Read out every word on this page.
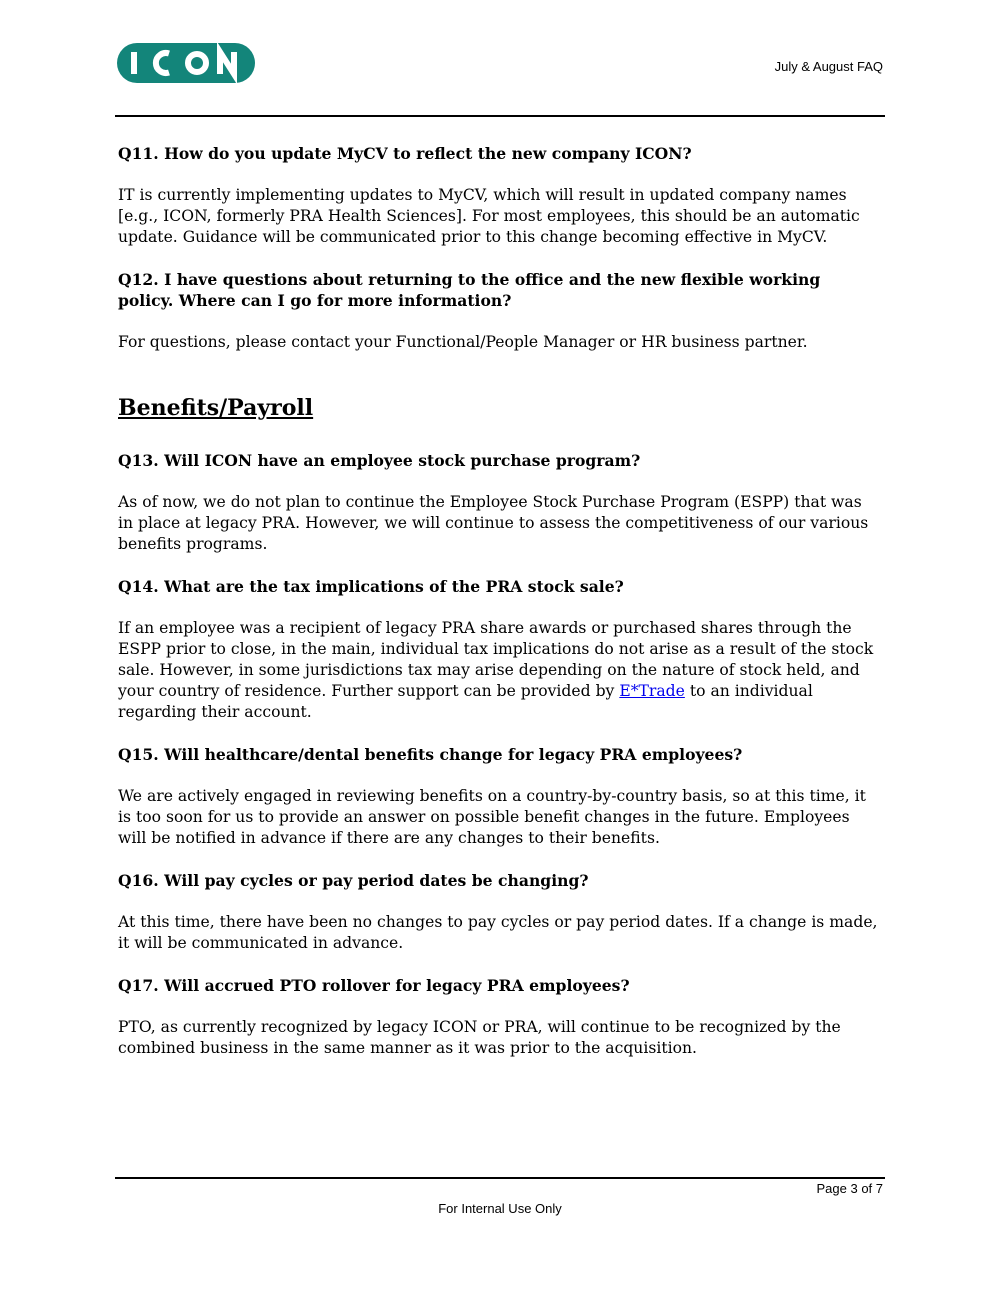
July & August FAQ

Q11. How do you update MyCV to reflect the new company ICON?

IT is currently implementing updates to MyCV, which will result in updated company names [e.g., ICON, formerly PRA Health Sciences]. For most employees, this should be an automatic update. Guidance will be communicated prior to this change becoming effective in MyCV.

Q12. I have questions about returning to the office and the new flexible working policy. Where can I go for more information?

For questions, please contact your Functional/People Manager or HR business partner.

Benefits/Payroll

Q13. Will ICON have an employee stock purchase program?

As of now, we do not plan to continue the Employee Stock Purchase Program (ESPP) that was in place at legacy PRA. However, we will continue to assess the competitiveness of our various benefits programs.

Q14. What are the tax implications of the PRA stock sale?

If an employee was a recipient of legacy PRA share awards or purchased shares through the ESPP prior to close, in the main, individual tax implications do not arise as a result of the stock sale. However, in some jurisdictions tax may arise depending on the nature of stock held, and your country of residence. Further support can be provided by E*Trade to an individual regarding their account.

Q15. Will healthcare/dental benefits change for legacy PRA employees?

We are actively engaged in reviewing benefits on a country-by-country basis, so at this time, it is too soon for us to provide an answer on possible benefit changes in the future. Employees will be notified in advance if there are any changes to their benefits.

Q16. Will pay cycles or pay period dates be changing?

At this time, there have been no changes to pay cycles or pay period dates. If a change is made, it will be communicated in advance.

Q17. Will accrued PTO rollover for legacy PRA employees?

PTO, as currently recognized by legacy ICON or PRA, will continue to be recognized by the combined business in the same manner as it was prior to the acquisition.

Page 3 of 7
For Internal Use Only
